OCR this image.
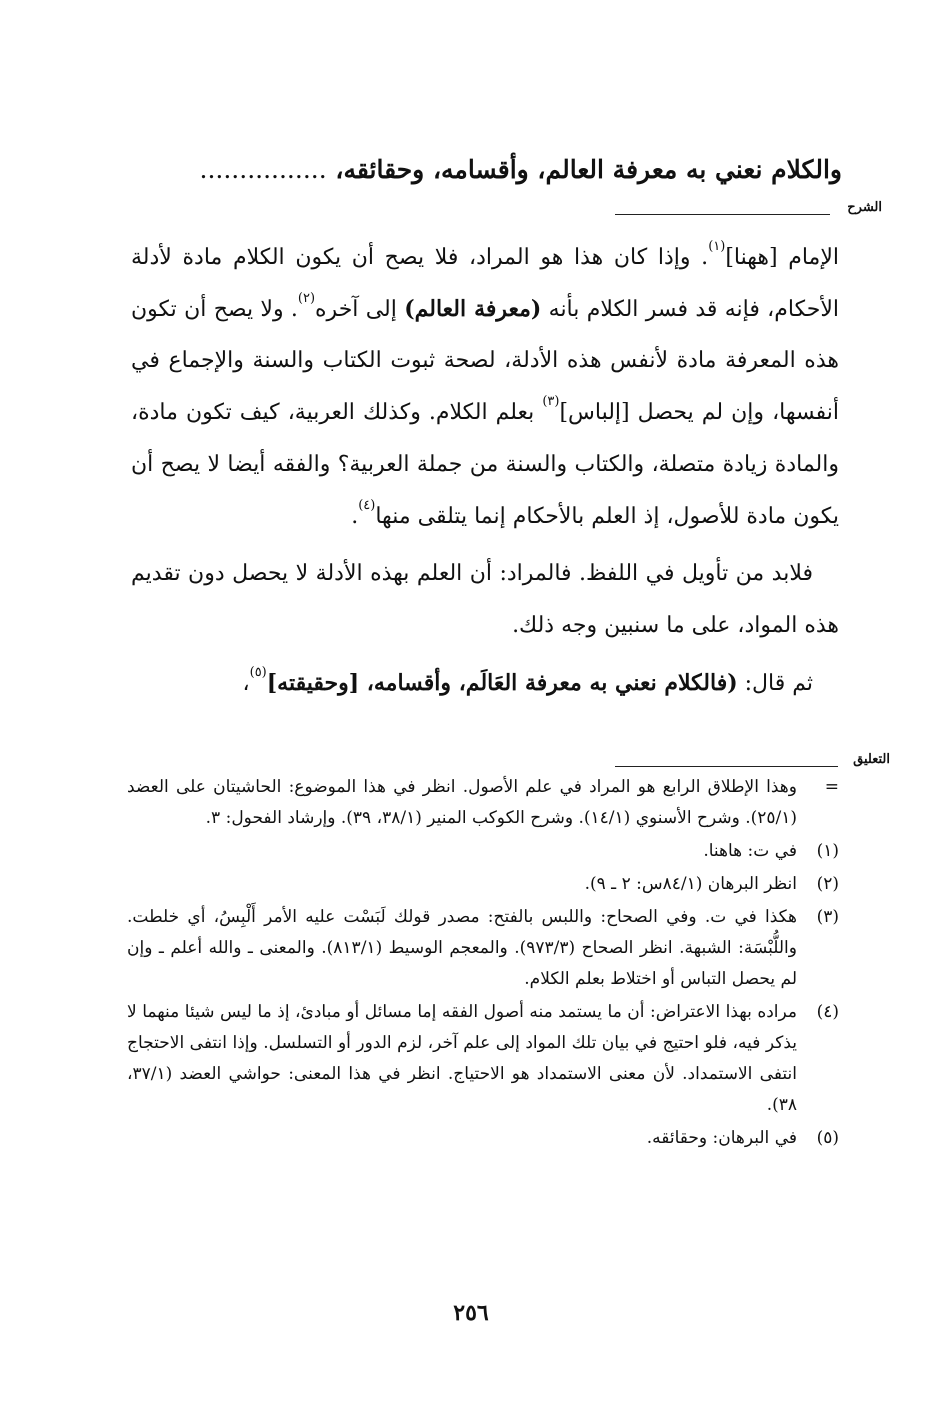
والكلام نعني به معرفة العالم، وأقسامه، وحقائقه، ................
الشرح

الإمام [ههنا]$^{(١)}$. وإذا كان هذا هو المراد، فلا يصح أن يكون الكلام مادة لأدلة الأحكام، فإنه قد فسر الكلام بأنه (معرفة العالم) إلى آخره$^{(٢)}$. ولا يصح أن تكون هذه المعرفة مادة لأنفس هذه الأدلة، لصحة ثبوت الكتاب والسنة والإجماع في أنفسها، وإن لم يحصل [إلباس]$^{(٣)}$ بعلم الكلام. وكذلك العربية، كيف تكون مادة، والمادة زيادة متصلة، والكتاب والسنة من جملة العربية؟ والفقه أيضا لا يصح أن يكون مادة للأصول، إذ العلم بالأحكام إنما يتلقى منها$^{(٤)}$.

فلابد من تأويل في اللفظ. فالمراد: أن العلم بهذه الأدلة لا يحصل دون تقديم هذه المواد، على ما سنبين وجه ذلك.

ثم قال: (فالكلام نعني به معرفة العَالَم، وأقسامه، [وحقيقته]$^{(٥)}$،

التعليق
=
وهذا الإطلاق الرابع هو المراد في علم الأصول. انظر في هذا الموضوع: الحاشيتان على العضد (٢٥/١). وشرح الأسنوي (١٤/١). وشرح الكوكب المنير (٣٨/١، ٣٩). وإرشاد الفحول: ٣.
(١)
في ت: هاهنا.
(٢)
انظر البرهان (٨٤/١س: ٢ ـ ٩).
(٣)
هكذا في ت. وفي الصحاح: واللبس بالفتح: مصدر قولك لَبَسْت عليه الأمر أَلْبِسُ، أي خلطت. واللُّبْسَة: الشبهة. انظر الصحاح (٩٧٣/٣). والمعجم الوسيط (٨١٣/١). والمعنى ـ والله أعلم ـ وإن لم يحصل التباس أو اختلاط بعلم الكلام.
(٤)
مراده بهذا الاعتراض: أن ما يستمد منه أصول الفقه إما مسائل أو مبادئ، إذ ما ليس شيئا منهما لا يذكر فيه، فلو احتيج في بيان تلك المواد إلى علم آخر، لزم الدور أو التسلسل. وإذا انتفى الاحتجاج انتفى الاستمداد. لأن معنى الاستمداد هو الاحتياج. انظر في هذا المعنى: حواشي العضد (٣٧/١، ٣٨).
(٥)
في البرهان: وحقائقه.
٢٥٦
